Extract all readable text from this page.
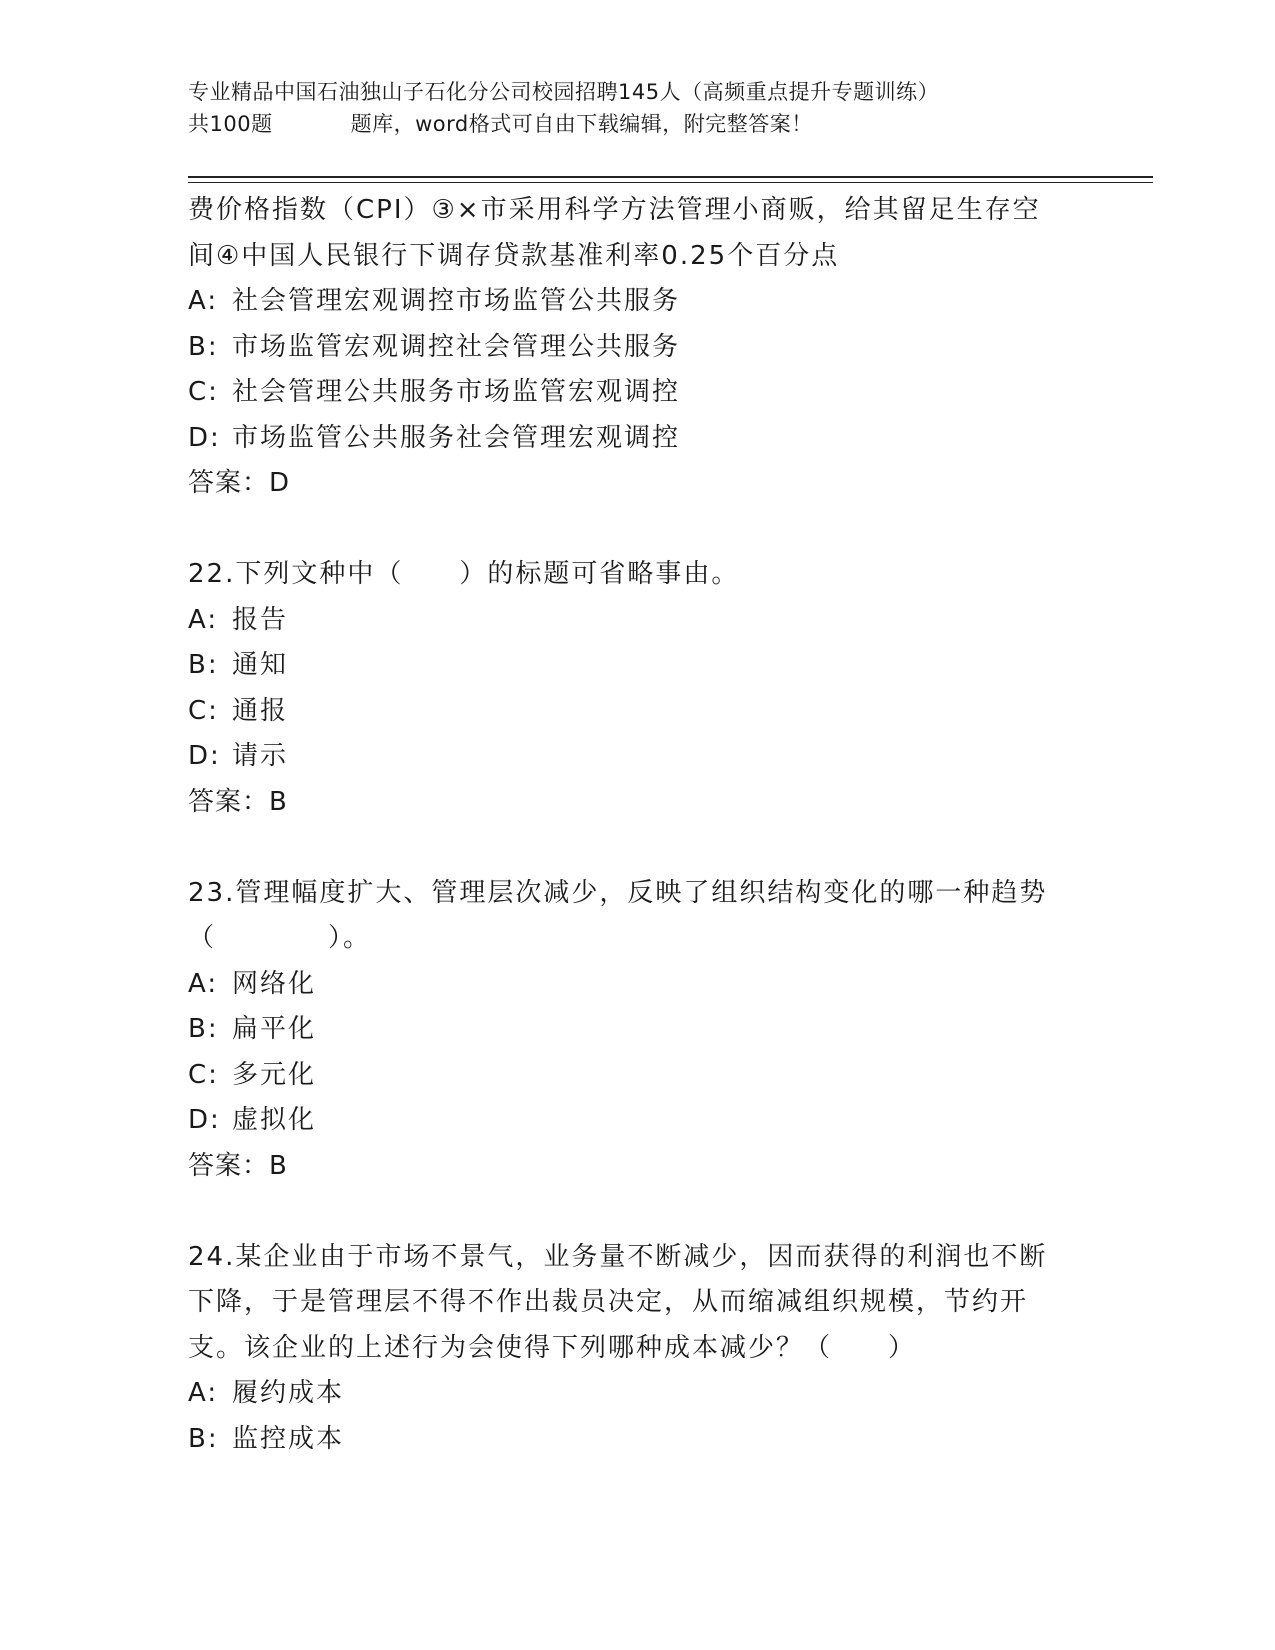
专业精品中国石油独山子石化分公司校园招聘145人（高频重点提升专题训练）
共100题	题库，word格式可自由下载编辑，附完整答案！
费价格指数（CPI）③×市采用科学方法管理小商贩，给其留足生存空
间④中国人民银行下调存贷款基准利率0.25个百分点
A: 社会管理宏观调控市场监管公共服务
B: 市场监管宏观调控社会管理公共服务
C: 社会管理公共服务市场监管宏观调控
D: 市场监管公共服务社会管理宏观调控
答案：D
22.下列文种中（　　）的标题可省略事由。
A: 报告
B: 通知
C: 通报
D: 请示
答案：B
23.管理幅度扩大、管理层次减少，反映了组织结构变化的哪一种趋势
（　　　　）。
A: 网络化
B: 扁平化
C: 多元化
D: 虚拟化
答案：B
24.某企业由于市场不景气，业务量不断减少，因而获得的利润也不断
下降，于是管理层不得不作出裁员决定，从而缩减组织规模，节约开
支。该企业的上述行为会使得下列哪种成本减少？（　　）
A: 履约成本
B: 监控成本
